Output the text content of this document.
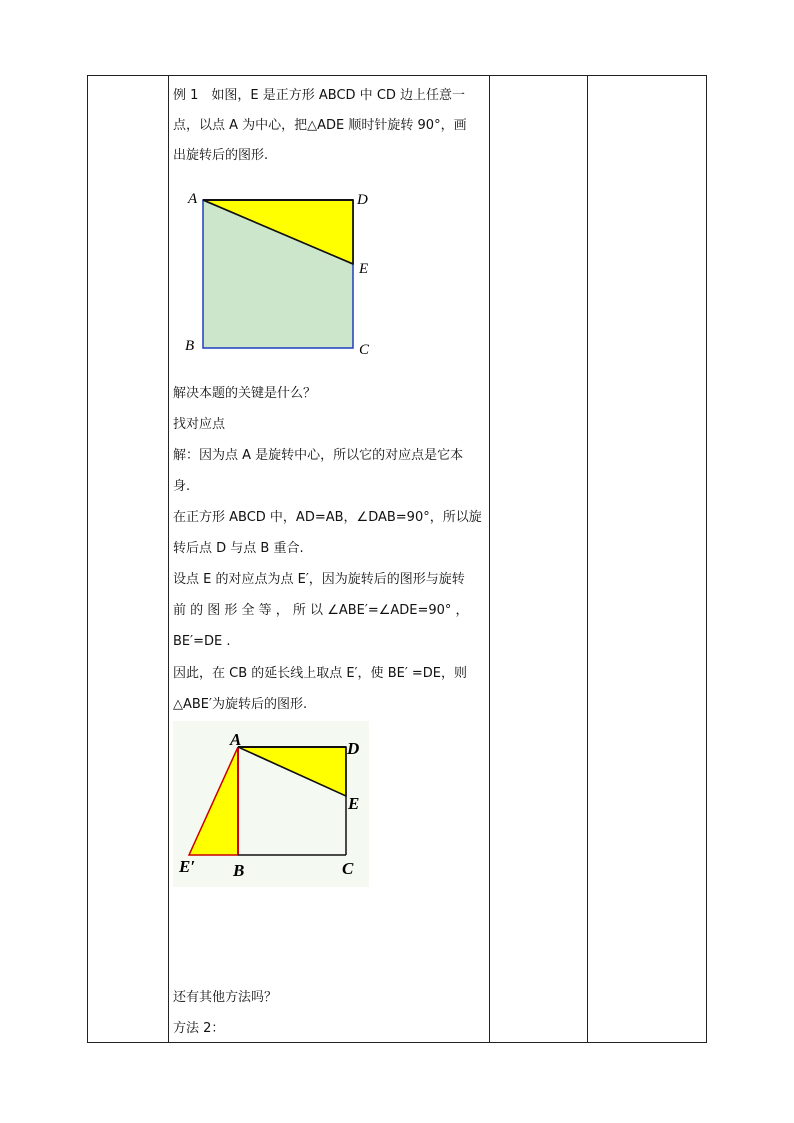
例 1　如图，E 是正方形 ABCD 中 CD 边上任意一
点，以点 A 为中心，把△ADE 顺时针旋转 90°，画
出旋转后的图形.
A	D
E
B	C
解决本题的关键是什么？
找对应点
解：因为点 A 是旋转中心，所以它的对应点是它本
身.
在正方形 ABCD 中，AD=AB，∠DAB=90°，所以旋
转后点 D 与点 B 重合.
设点 E 的对应点为点 E′，因为旋转后的图形与旋转
前 的 图 形 全 等 ， 所 以 ∠ABE′=∠ADE=90° ，
BE′=DE .
因此，在 CB 的延长线上取点 E′，使 BE′ =DE，则
△ABE′为旋转后的图形.
A	D
E
E′ B	C
还有其他方法吗？
方法 2：
